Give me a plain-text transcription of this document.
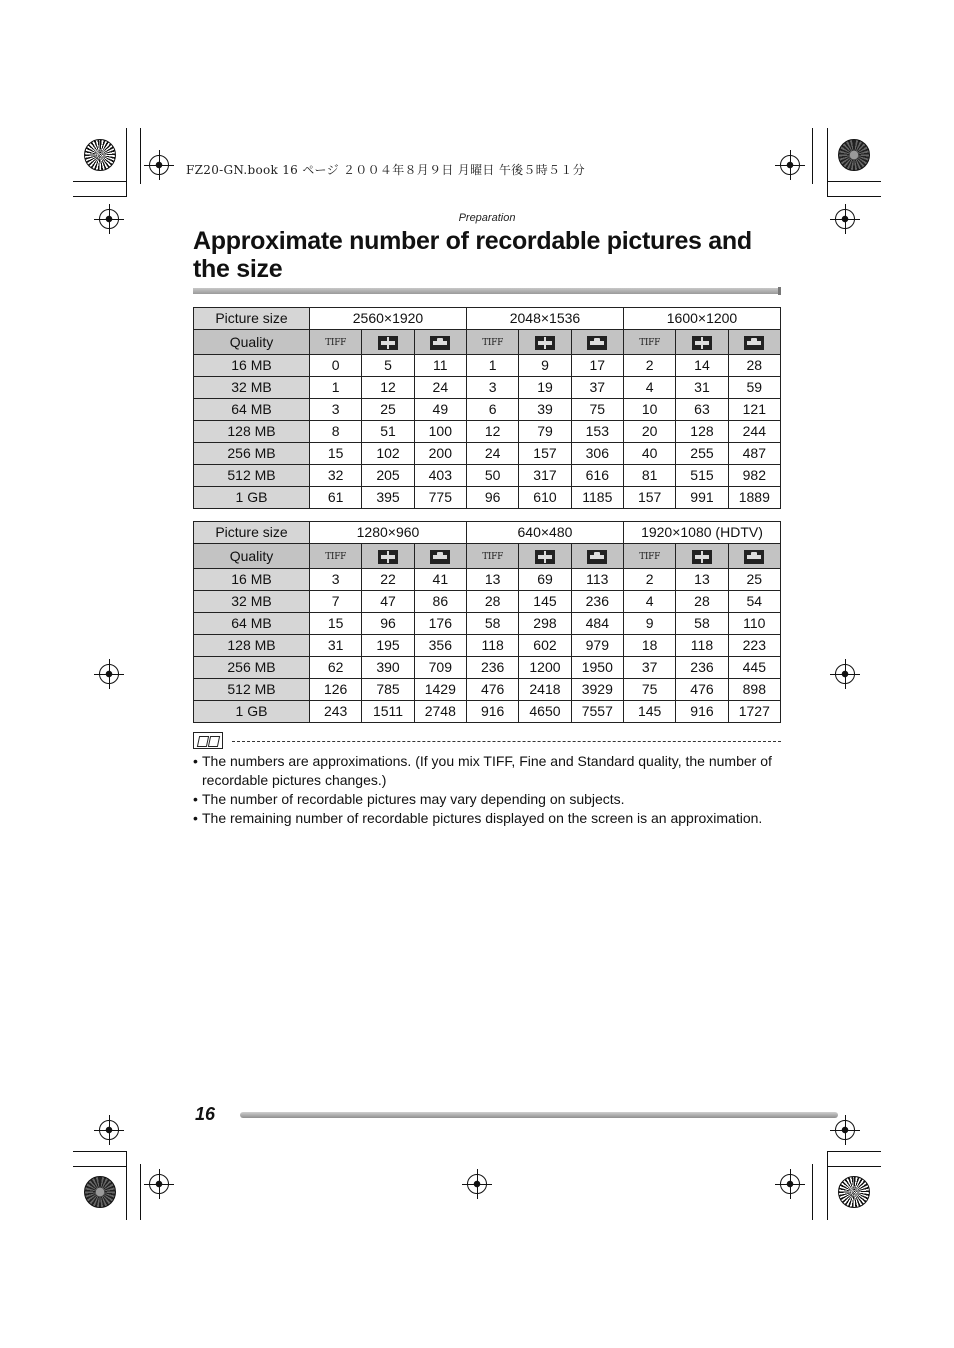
FZ20-GN.book 16 ページ ２００４年８月９日 月曜日 午後５時５１分
Preparation
Approximate number of recordable pictures and the size
Picture size	2560×1920			2048×1536			1600×1200		
Quality	TIFF			TIFF			TIFF		
16 MB	0	5	11	1	9	17	2	14	28
32 MB	1	12	24	3	19	37	4	31	59
64 MB	3	25	49	6	39	75	10	63	121
128 MB	8	51	100	12	79	153	20	128	244
256 MB	15	102	200	24	157	306	40	255	487
512 MB	32	205	403	50	317	616	81	515	982
1 GB	61	395	775	96	610	1185	157	991	1889
Picture size	1280×960			640×480			1920×1080 (HDTV)		
Quality	TIFF			TIFF			TIFF		
16 MB	3	22	41	13	69	113	2	13	25
32 MB	7	47	86	28	145	236	4	28	54
64 MB	15	96	176	58	298	484	9	58	110
128 MB	31	195	356	118	602	979	18	118	223
256 MB	62	390	709	236	1200	1950	37	236	445
512 MB	126	785	1429	476	2418	3929	75	476	898
1 GB	243	1511	2748	916	4650	7557	145	916	1727
• The numbers are approximations. (If you mix TIFF, Fine and Standard quality, the number of recordable pictures changes.)
• The number of recordable pictures may vary depending on subjects.
• The remaining number of recordable pictures displayed on the screen is an approximation.
16
